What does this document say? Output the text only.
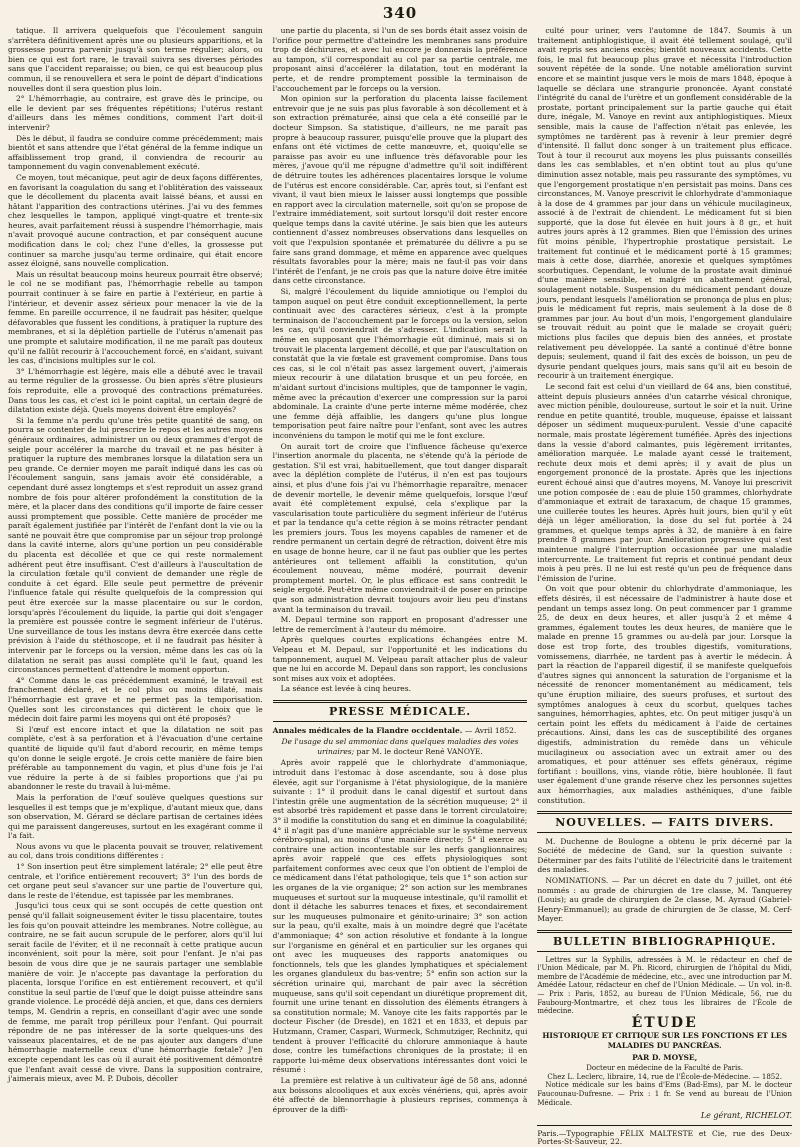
340

tatique. Il arrivera quelquefois que l'écoulement sanguin s'arrêtera définitivement après une ou plusieurs apparitions, et la grossesse pourra parvenir jusqu'à son terme régulier; alors, ou bien ce qui est fort rare, le travail suivra ses diverses périodes sans que l'accident reparaisse; ou bien, ce qui est beaucoup plus commun, il se renouvellera et sera le point de départ d'indications nouvelles dont il sera question plus loin.

2° L'hémorrhagie, au contraire, est grave dès le principe, ou elle le devient par ses fréquentes répétitions; l'utérus restant d'ailleurs dans les mêmes conditions, comment l'art doit-il intervenir?

Dès le début, il faudra se conduire comme précédemment; mais bientôt et sans attendre que l'état général de la femme indique un affaiblissement trop grand, il conviendra de recourir au tamponnement du vagin convenablement exécuté.

Ce moyen, tout mécanique, peut agir de deux façons différentes, en favorisant la coagulation du sang et l'oblitération des vaisseaux que le décollement du placenta avait laissé béans, et aussi en hâtant l'apparition des contractions utérines. J'ai vu des femmes chez lesquelles le tampon, appliqué vingt-quatre et trente-six heures, avait parfaitement réussi à suspendre l'hémorrhagie, mais n'avait provoqué aucune contraction, et par conséquent aucune modification dans le col; chez l'une d'elles, la grossesse put continuer sa marche jusqu'au terme ordinaire, qui était encore assez éloigné, sans nouvelle complication.

Mais un résultat beaucoup moins heureux pourrait être observé; le col ne se modifiant pas, l'hémorrhagie rebelle au tampon pourrait continuer à se faire en partie à l'extérieur, en partie à l'intérieur, et devenir assez sérieux pour menacer la vie de la femme. En pareille occurrence, il ne faudrait pas hésiter, quelque défavorables que fussent les conditions, à pratiquer la rupture des membranes, et si la déplétion partielle de l'utérus n'amenait pas une prompte et salutaire modification, il ne me paraît pas douteux qu'il ne fallût recourir à l'accouchement forcé, en s'aidant, suivant les cas, d'incisions multiples sur le col.

3° L'hémorrhagie est légère, mais elle a débuté avec le travail au terme régulier de la grossesse. Ou bien après s'être plusieurs fois reproduite, elle a provoqué des contractions prématurées. Dans tous les cas, et c'est ici le point capital, un certain degré de dilatation existe déjà. Quels moyens doivent être employés?

Si la femme n'a perdu qu'une très petite quantité de sang, on pourra se contenter de lui prescrire le repos et les autres moyens généraux ordinaires, administrer un ou deux grammes d'ergot de seigle pour accélérer la marche du travail et ne pas hésiter à pratiquer la rupture des membranes lorsque la dilatation sera un peu grande. Ce dernier moyen me paraît indiqué dans les cas où l'écoulement sanguin, sans jamais avoir été considérable, a cependant duré assez longtemps et s'est reproduit un assez grand nombre de fois pour altérer profondément la constitution de la mère, et la placer dans des conditions qu'il importe de faire cesser aussi promptement que possible. Cette manière de procéder me paraît également justifiée par l'intérêt de l'enfant dont la vie ou la santé ne pouvait être que compromise par un séjour trop prolongé dans la cavité interne, alors qu'une portion un peu considérable du placenta est décollée et que ce qui reste normalement adhérent peut être insuffisant. C'est d'ailleurs à l'auscultation de la circulation fœtale qu'il convient de demander une règle de conduite à cet égard. Elle seule peut permettre de prévenir l'influence fatale qui résulte quelquefois de la compression qui peut être exercée sur la masse placentaire ou sur le cordon, lorsqu'après l'écoulement du liquide, la partie qui doit s'engager la première est poussée contre le segment inférieur de l'utérus. Une surveillance de tous les instans devra être exercée dans cette prévision à l'aide du stéthoscope, et il ne faudrait pas hésiter à intervenir par le forceps ou la version, même dans les cas où la dilatation ne serait pas aussi complète qu'il le faut, quand les circonstances permettent d'attendre le moment opportun.

4° Comme dans le cas précédemment examiné, le travail est franchement déclaré, et le col plus ou moins dilaté, mais l'hémorrhagie est grave et ne permet pas la temporisation. Quelles sont les circonstances qui dictèrent le choix que le médecin doit faire parmi les moyens qui ont été proposés?

Si l'œuf est encore intact et que la dilatation ne soit pas complète, c'est à sa perforation et à l'évacuation d'une certaine quantité de liquide qu'il faut d'abord recourir, en même temps qu'on donne le seigle ergoté. Je crois cette manière de faire bien préférable au tamponnement du vagin, et plus d'une fois je l'ai vue réduire la perte à de si faibles proportions que j'ai pu abandonner le reste du travail à lui-même.

Mais la perforation de l'œuf soulève quelques questions sur lesquelles il est temps que je m'explique, d'autant mieux que, dans son observation, M. Gérard se déclare partisan de certaines idées qui me paraissent dangereuses, surtout en les exagérant comme il l'a fait.

Nous avons vu que le placenta pouvait se trouver, relativement au col, dans trois conditions différentes :

1° Son insertion peut être simplement latérale; 2° elle peut être centrale, et l'orifice entièrement recouvert; 3° l'un des bords de cet organe peut seul s'avancer sur une partie de l'ouverture qui, dans le reste de l'étendue, est tapissée par les membranes.

Jusqu'ici tous ceux qui se sont occupés de cette question ont pensé qu'il fallait soigneusement éviter le tissu placentaire, toutes les fois qu'on pouvait atteindre les membranes. Notre collègue, au contraire, ne se fait aucun scrupule de le perforer, alors qu'il lui serait facile de l'éviter, et il ne reconnaît à cette pratique aucun inconvénient, soit pour la mère, soit pour l'enfant. Je n'ai pas besoin de vous dire que je ne saurais partager une semblable manière de voir. Je n'accepte pas davantage la perforation du placenta, lorsque l'orifice en est entièrement recouvert, et qu'il constitue la seul partie de l'œuf que le doigt puisse atteindre sans grande violence. Le procédé déjà ancien, et que, dans ces derniers temps, M. Gendrin a repris, en conseillant d'agir avec une sonde de femme, me paraît trop périlleux pour l'enfant. Qui pourrait répondre de ne pas intéresser de la sorte quelques-uns des vaisseaux placentaires, et de ne pas ajouter aux dangers d'une hémorrhagie maternelle ceux d'une hémorrhagie fœtale? J'en excepte cependant les cas où il aurait été positivement démontré que l'enfant avait cessé de vivre. Dans la supposition contraire, j'aimerais mieux, avec M. P. Dubois, décoller

une partie du placenta, si l'un de ses bords était assez voisin de l'orifice pour permettre d'atteindre les membranes sans produire trop de déchirures, et avec lui encore je donnerais la préférence au tampon, s'il correspondait au col par sa partie centrale, me proposant ainsi d'accélérer la dilatation, tout en modérant la perte, et de rendre promptement possible la terminaison de l'accouchement par le forceps ou la version.

Mon opinion sur la perforation du placenta laisse facilement entrevoir que je ne suis pas plus favorable à son décollement et à son extraction prématurée, ainsi que cela a été conseillé par le docteur Simpson. Sa statistique, d'ailleurs, ne me paraît pas propre à beaucoup rassurer, puisqu'elle prouve que la plupart des enfans ont été victimes de cette manœuvre, et, quoiqu'elle se paraisse pas avoir eu une influence très défavorable pour les mères, j'avoue qu'il me répugne d'admettre qu'il soit indifférent de détruire toutes les adhérences placentaires lorsque le volume de l'utérus est encore considérable. Car, après tout, si l'enfant est vivant, il vaut bien mieux le laisser aussi longtemps que possible en rapport avec la circulation maternelle, soit qu'on se propose de l'extraire immédiatement, soit surtout lorsqu'il doit rester encore quelque temps dans la cavité utérine. Je sais bien que les auteurs contiennent d'assez nombreuses observations dans lesquelles on voit que l'expulsion spontanée et prématurée du délivre a pu se faire sans grand dommage, et même en apparence avec quelques résultats favorables pour la mère; mais ne faut-il pas voir dans l'intérêt de l'enfant, je ne crois pas que la nature doive être imitée dans cette circonstance.

Si, malgré l'écoulement du liquide amniotique ou l'emploi du tampon auquel on peut être conduit exceptionnellement, la perte continuait avec des caractères sérieux, c'est à la prompte terminaison de l'accouchement par le forceps ou la version, selon les cas, qu'il conviendrait de s'adresser. L'indication serait la même en supposant que l'hémorrhagie eût diminué, mais si on trouvait le placenta largement décollé, et que par l'auscultation on constatât que la vie fœtale est gravement compromise. Dans tous ces cas, si le col n'était pas assez largement ouvert, j'aimerais mieux recourir à une dilatation brusque et un peu forcée, en m'aidant surtout d'incisions multiples, que de tamponner le vagin, même avec la précaution d'exercer une compression sur la paroi abdominale. La crainte d'une perte interne même modérée, chez une femme déjà affaiblie, les dangers qu'une plus longue temporisation peut faire naître pour l'enfant, sont avec les autres inconvéniens du tampon le motif qui me le font exclure.

On aurait tort de croire que l'influence fâcheuse qu'exerce l'insertion anormale du placenta, ne s'étende qu'à la période de gestation. S'il est vrai, habituellement, que tout danger disparaît avec la déplétion complète de l'utérus, il n'en est pas toujours ainsi, et plus d'une fois j'ai vu l'hémorrhagie reparaître, menacer de devenir mortelle, le devenir même quelquefois, lorsque l'œuf avait été complètement expulsé, cela s'explique par la vascularisation toute particulière du segment inférieur de l'utérus et par la tendance qu'a cette région à se moins rétracter pendant les premiers jours. Tous les moyens capables de ramener et de rendre permanent un certain degré de rétraction, doivent être mis en usage de bonne heure, car il ne faut pas oublier que les pertes antérieures ont tellement affaibli la constitution, qu'un écoulement nouveau, même modéré, pourrait devenir promptement mortel. Or, le plus efficace est sans contredit le seigle ergoté. Peut-être même conviendrait-il de poser en principe que son administration devrait toujours avoir lieu peu d'instans avant la terminaison du travail.

M. Depaul termine son rapport en proposant d'adresser une lettre de remercîment à l'auteur du mémoire.

Après quelques courtes explications échangées entre M. Velpeau et M. Depaul, sur l'opportunité et les indications du tamponnement, auquel M. Velpeau paraît attacher plus de valeur que ne lui en accorde M. Depaul dans son rapport, les conclusions sont mises aux voix et adoptées.

La séance est levée à cinq heures.

PRESSE MÉDICALE.
Annales médicales de la Flandre occidentale. — Avril 1852.
De l'usage du sel ammoniac dans quelques maladies des voies urinaires; par M. le docteur René VANOYE.

Après avoir rappelé que le chlorhydrate d'ammoniaque, introduit dans l'estomac à dose ascendante, sou à dose plus élevée, agit sur l'organisme à l'état physiologique, de la manière suivante : 1° il produit dans le canal digestif et surtout dans l'intestin grêle une augmentation de la sécrétion muqueuse; 2° il est absorbé très rapidement et passe dans le torrent circulatoire; 3° il modifie la constitution du sang et en diminue la coagulabilité; 4° il n'agit pas d'une manière appréciable sur le système nerveux cérébro-spinal, au moins d'une manière directe; 5° il exerce au contraire une action incontestable sur les nerfs ganglionnaires; après avoir rappelé que ces effets physiologiques sont parfaitement conformes avec ceux que l'on obtient de l'emploi de ce médicament dans l'état pathologique, tels que 1° son action sur les organes de la vie organique; 2° son action sur les membranes muqueuses et surtout sur la muqueuse intestinale, qu'il ramollit et dont il détache les saburres tenaces et fixes, et secondairement sur les muqueuses pulmonaire et génito-urinaire; 3° son action sur la peau, qu'il exalte, mais à un moindre degré que l'acétate d'ammoniaque; 4° son action résolutive et fondante à la longue sur l'organisme en général et en particulier sur les organes qui ont avec les muqueuses des rapports anatomiques ou fonctionnels, tels que les glandes lymphatiques et spécialement les organes glanduleux du bas-ventre; 5° enfin son action sur la sécrétion urinaire qui, marchant de pair avec la sécrétion muqueuse, sans qu'il soit cependant un diurétique proprement dit, fournit une urine tenant en dissolution des éléments étrangers à sa constitution normale; M. Vanoye cite les faits rapportés par le docteur Fischer (de Dresde), en 1821 et en 1833, et depuis par Hutzmann, Cramer, Caspari, Wurmeck, Schmutziger, Rechnitz, qui tendent à prouver l'efficacité du chlorure ammoniaque à haute dose, contre les tuméfactions chroniques de la prostate; il en rapporte lui-même deux observations intéressantes dont voici le résumé :

La première est relative à un cultivateur âgé de 58 ans, adonné aux boissons alcooliques et aux excès vénériens, qui, après avoir été affecté de blennorrhagie à plusieurs reprises, commença à éprouver de la diffi-

culté pour uriner, vers l'automne de 1847. Soumis à un traitement antiphlogistique, il avait été tellement soulagé, qu'il avait repris ses anciens excès; bientôt nouveaux accidents. Cette fois, le mal fut beaucoup plus grave et nécessita l'introduction souvent répétée de la sonde. Une notable amélioration survint encore et se maintint jusque vers le mois de mars 1848, époque à laquelle se déclara une strangurie prononcée. Ayant constaté l'intégrité du canal de l'urètre et un gonflement considérable de la prostate, portant principalement sur la partie gauche qui était dure, inégale, M. Vanoye en revint aux antiphlogistiques. Mieux sensible, mais la cause de l'affection n'était pas enlevée, les symptômes ne tardèrent pas à revenir à leur premier degré d'intensité. Il fallut donc songer à un traitement plus efficace. Tout à tour il recourut aux moyens les plus puissants conseillés dans les cas semblables, et n'en obtint tout au plus qu'une diminution assez notable, mais peu rassurante des symptômes, vu que l'engorgement prostatique n'en persistait pas moins. Dans ces circonstances, M. Vanoye prescrivit le chlorhydrate d'ammoniaque à la dose de 4 grammes par jour dans un véhicule mucilagineux, associé à de l'extrait de chiendent. Le médicament fut si bien supporté, que la dose fut élevée en huit jours à 8 gr., et huit autres jours après à 12 grammes. Bien que l'émission des urines fût moins pénible, l'hypertrophie prostatique persistait. Le traitement fut continué et le médicament porté à 15 grammes; mais à cette dose, diarrhée, anorexie et quelques symptômes scorbutiques. Cependant, le volume de la prostate avait diminué d'une manière sensible, et malgré un abattement général, soulagement notable. Suspension du médicament pendant douze jours, pendant lesquels l'amélioration se prononça de plus en plus; puis le médicament fut repris, mais seulement à la dose de 8 grammes par jour. Au bout d'un mois, l'engorgement glandulaire se trouvait réduit au point que le malade se croyait guéri; mictions plus faciles que depuis bien des années, et prostate relativement peu développée. La santé a continué d'être bonne depuis; seulement, quand il fait des excès de boisson, un peu de dysurie pendant quelques jours, mais sans qu'il ait eu besoin de recourir à un traitement énergique.

Le second fait est celui d'un vieillard de 64 ans, bien constitué, atteint depuis plusieurs années d'un catarrhe vésical chronique, avec miction pénible, douloureuse, surtout le soir et la nuit. Urine rendue en petite quantité, trouble, muqueuse, épaisse et laissant déposer un sédiment muqueux-purulent. Vessie d'une capacité normale, mais prostate légèrement tuméfiée. Après des injections dans la vessie d'abord calmantes, puis légèrement irritantes, amélioration marquée. Le malade ayant cessé le traitement, rechute deux mois et demi après; il y avait de plus un engorgement prononcé de la prostate. Après que les injections eurent échoué ainsi que d'autres moyens, M. Vanoye lui prescrivit une potion composée de : eau de pluie 150 grammes, chlorhydrate d'ammoniaque et extrait de taraxacum, de chaque 15 grammes, une cuillerée toutes les heures. Après huit jours, bien qu'il y eût déjà un léger amélioration, la dose du sel fut portée à 24 grammes, et quelque temps après à 32, de manière à en faire prendre 8 grammes par jour. Amélioration progressive qui s'est maintenue malgré l'interruption occasionnée par une maladie intercurrente. Le traitement fut repris et continué pendant deux mois à peu près. Il ne lui est resté qu'un peu de fréquence dans l'émission de l'urine.

On voit que pour obtenir du chlorhydrate d'ammoniaque, les effets désirés, il est nécessaire de l'administrer à haute dose et pendant un temps assez long. On peut commencer par 1 gramme 25, de deux en deux heures, et aller jusqu'à 2 et même 4 grammes, également toutes les deux heures, de manière que le malade en prenne 15 grammes ou au-delà par jour. Lorsque la dose est trop forte, des troubles digestifs, vomiturations, vomissemens, diarrhée, ne tardent pas à avertir le médecin. À part la réaction de l'appareil digestif, il se manifeste quelquefois d'autres signes qui annoncent la saturation de l'organisme et la nécessité de renoncer momentanément au médicament, tels qu'une éruption miliaire, des sueurs profuses, et surtout des symptômes analogues à ceux du scorbut, quelques taches sanguines, hémorrhagies, aphtes, etc. On peut mitiger jusqu'à un certain point les effets du médicament à l'aide de certaines précautions. Ainsi, dans les cas de susceptibilité des organes digestifs, administration du remède dans un véhicule mucilagineux ou association avec un extrait amer ou des aromatiques, et pour atténuer ses effets généraux, régime fortifiant : bouillons, vins, viande rôtie, bière houblonée. Il faut user également d'une grande réserve chez les personnes sujettes aux hémorrhagies, aux maladies asthéniques, d'une faible constitution.

NOUVELLES. — FAITS DIVERS.

M. Duchenne de Boulogne a obtenu le prix décerné par la Société de médecine de Gand, sur la question suivante : Déterminer par des faits l'utilité de l'électricité dans le traitement des maladies.

NOMINATIONS. — Par un décret en date du 7 juillet, ont été nommés : au grade de chirurgien de 1re classe, M. Tanquerey (Louis); au grade de chirurgien de 2e classe, M. Ayraud (Gabriel-Henry-Emmanuel); au grade de chirurgien de 3e classe, M. Cerf-Mayer.

BULLETIN BIBLIOGRAPHIQUE.

Lettres sur la Syphilis, adressées à M. le rédacteur en chef de l'Union Médicale, par M. Ph. Ricord, chirurgien de l'hôpital du Midi, membre de l'Académie de médecine, etc., avec une introduction par M. Amédée Latour, rédacteur en chef de l'Union Médicale. — Un vol. in-8. — Prix : Paris, 1852, au bureau de l'Union Médicale, 56, rue du Faubourg-Montmartre, et chez tous les libraires de l'École de médecine.

ÉTUDE
HISTORIQUE ET CRITIQUE SUR LES FONCTIONS ET LES MALADIES DU PANCRÉAS.
PAR D. MOYSE,
Docteur en médecine de la Faculté de Paris.
Chez L. Leclerc, libraire, 14, rue de l'École-de-Médecine. — 1852.

Notice médicale sur les bains d'Ems (Bad-Ems), par M. le docteur Faucounau-Dufresne. — Prix : 1 fr. Se vend au bureau de l'Union Médicale.

Le gérant, RICHELOT.
Paris.—Typographie FÉLIX MALTESTE et Cie, rue des Deux-Portes-St-Sauveur, 22.
